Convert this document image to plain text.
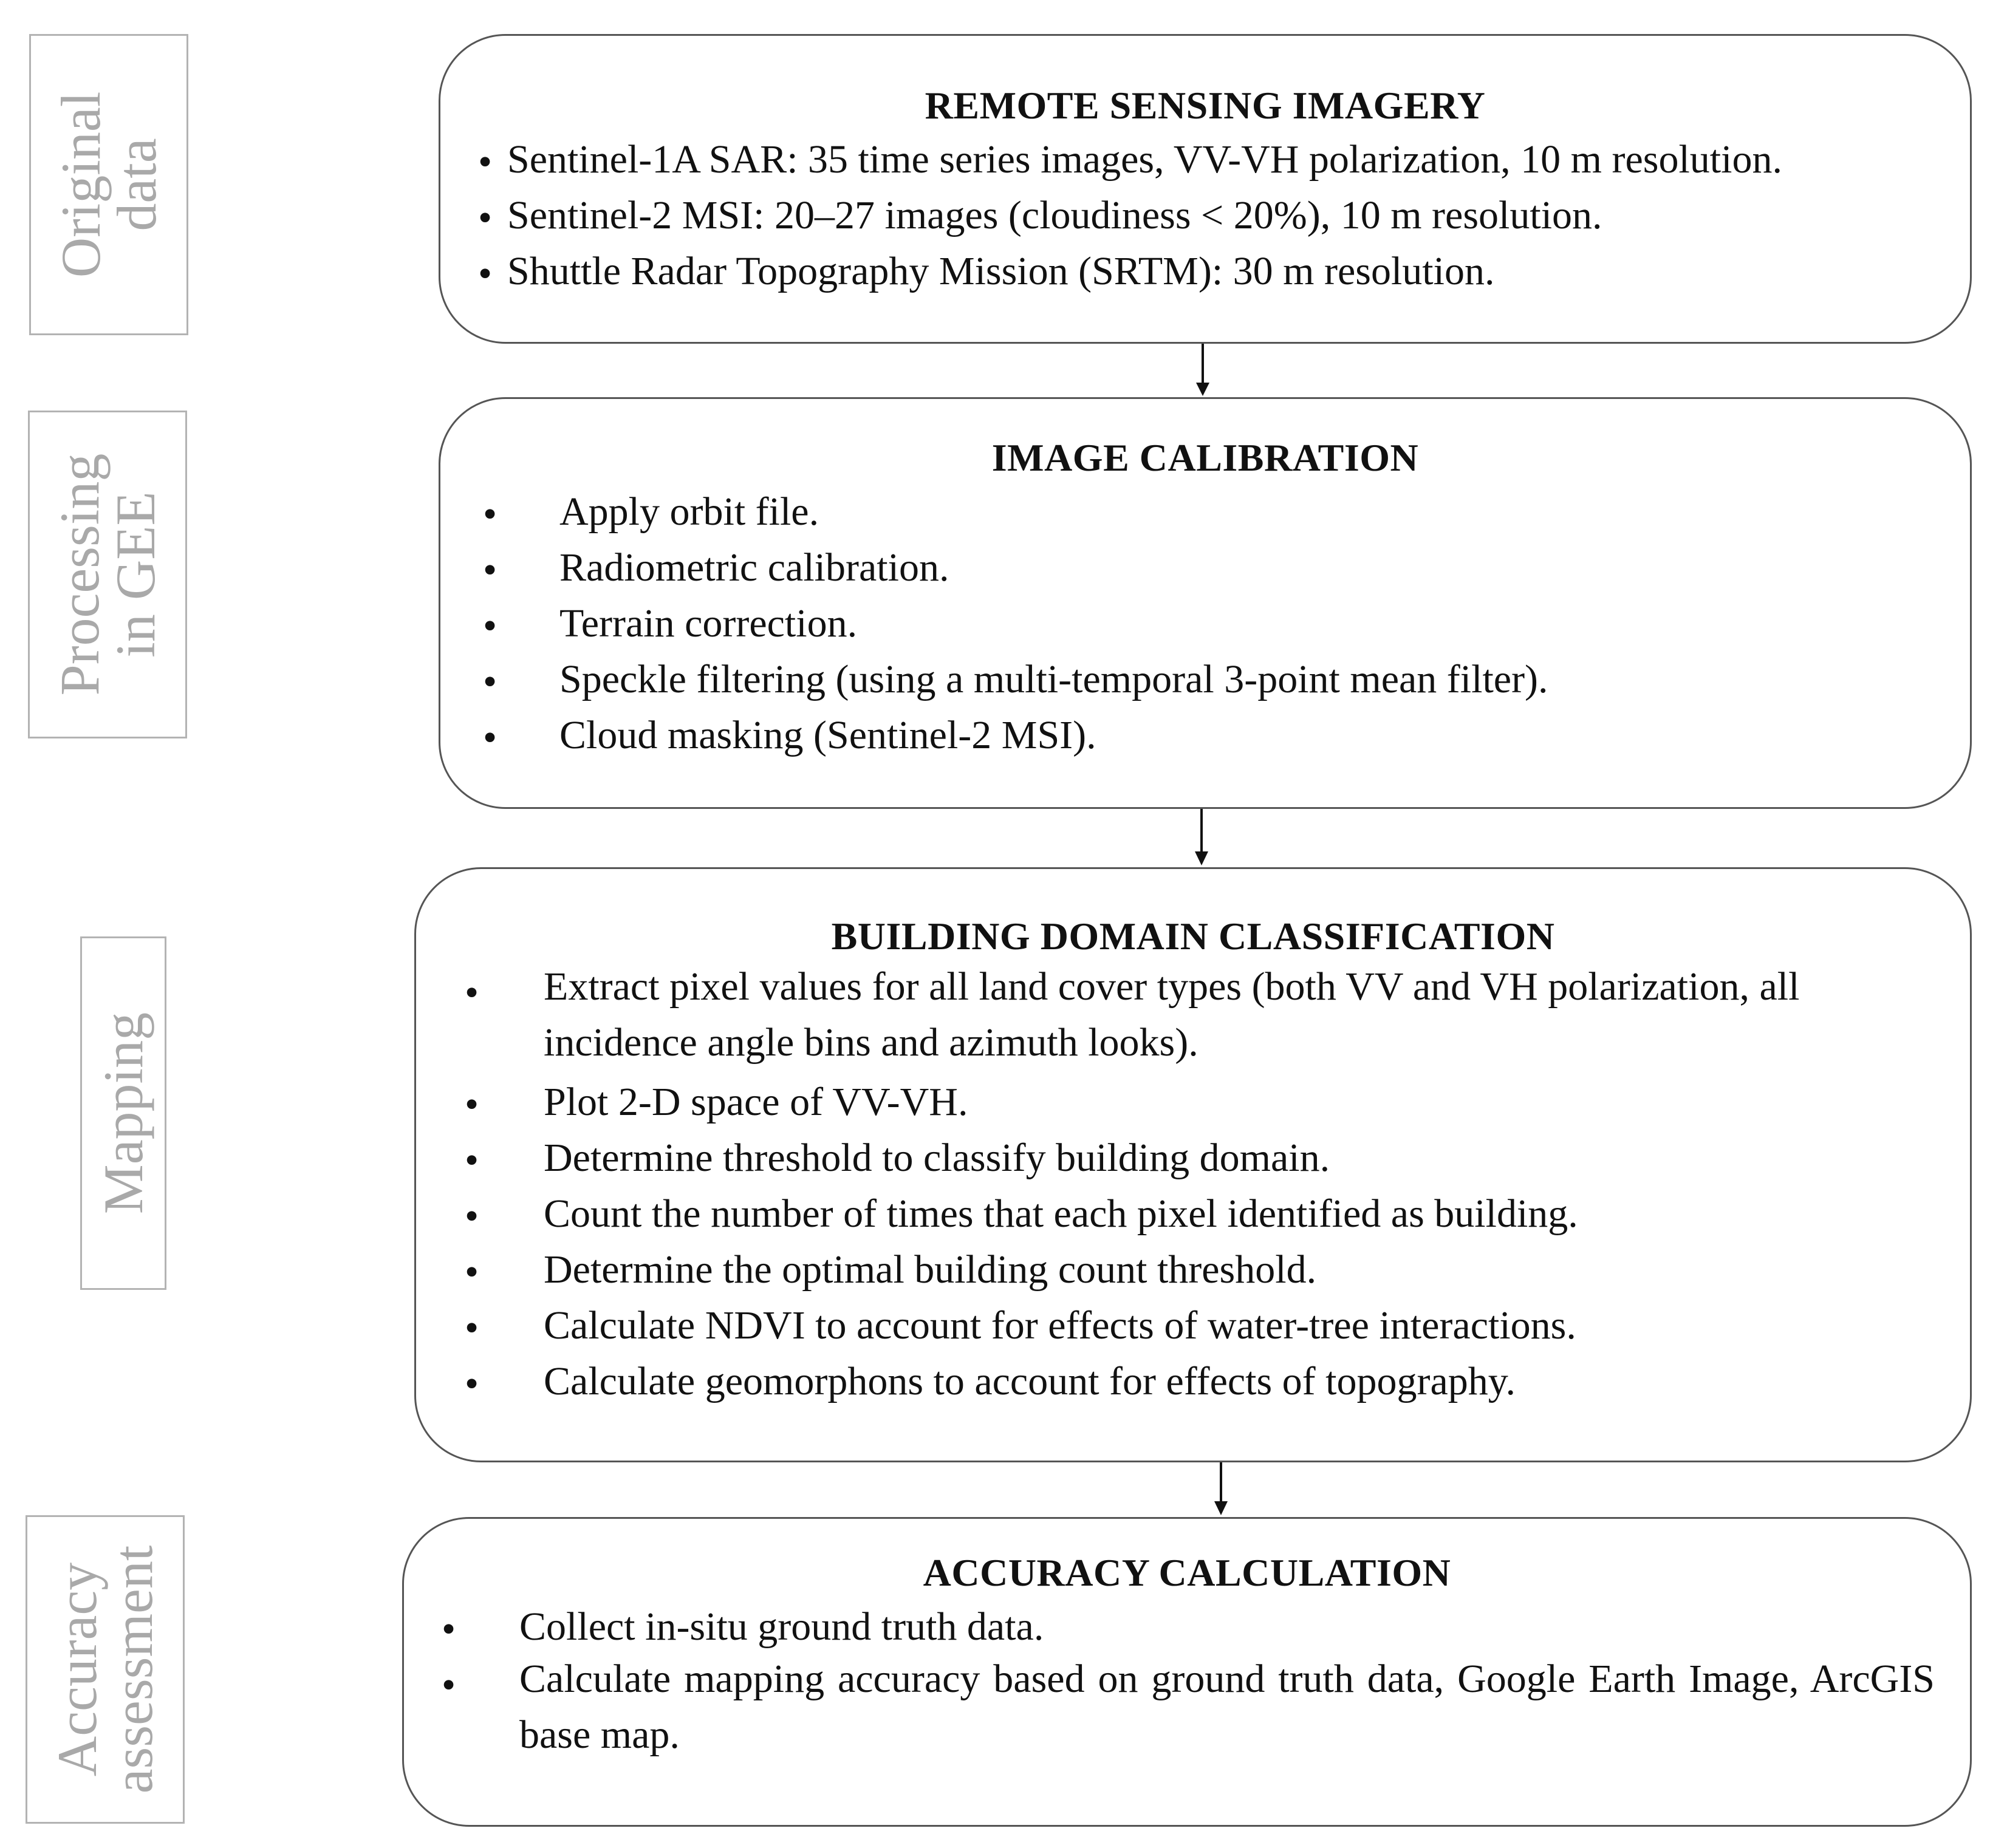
Original
data
Processing
in GEE
Mapping
Accuracy
assessment
REMOTE SENSING IMAGERY
• Sentinel-1A SAR: 35 time series images, VV-VH polarization, 10 m resolution.
• Sentinel-2 MSI: 20–27 images (cloudiness < 20%), 10 m resolution.
• Shuttle Radar Topography Mission (SRTM): 30 m resolution.
IMAGE CALIBRATION
• Apply orbit file.
• Radiometric calibration.
• Terrain correction.
• Speckle filtering (using a multi-temporal 3-point mean filter).
• Cloud masking (Sentinel-2 MSI).
BUILDING DOMAIN CLASSIFICATION
• Extract pixel values for all land cover types (both VV and VH polarization, all incidence angle bins and azimuth looks).
• Plot 2-D space of VV-VH.
• Determine threshold to classify building domain.
• Count the number of times that each pixel identified as building.
• Determine the optimal building count threshold.
• Calculate NDVI to account for effects of water-tree interactions.
• Calculate geomorphons to account for effects of topography.
ACCURACY CALCULATION
• Collect in-situ ground truth data.
• Calculate mapping accuracy based on ground truth data, Google Earth Image, ArcGIS base map.
